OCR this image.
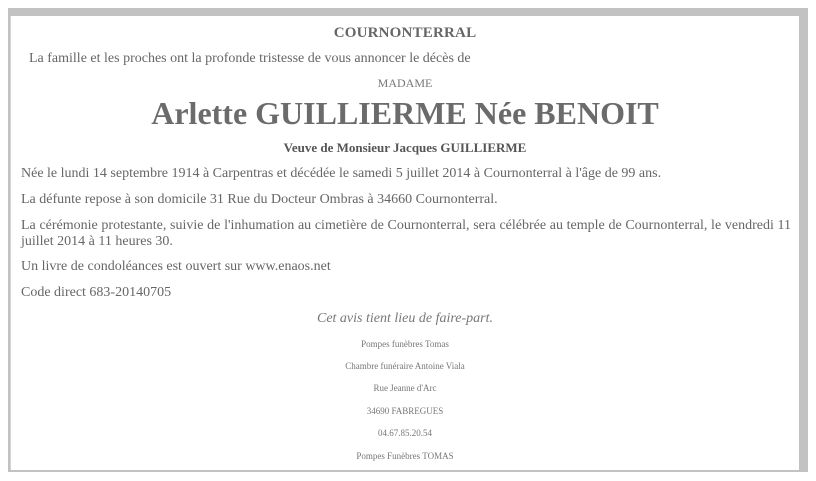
COURNONTERRAL
La famille et les proches ont la profonde tristesse de vous annoncer le décès de
MADAME
Arlette GUILLIERME Née BENOIT
Veuve de Monsieur Jacques GUILLIERME
Née le lundi 14 septembre 1914 à Carpentras et décédée le samedi 5 juillet 2014 à Cournonterral à l'âge de 99 ans.
La défunte repose à son domicile 31 Rue du Docteur Ombras à 34660 Cournonterral.
La cérémonie protestante, suivie de l'inhumation au cimetière de Cournonterral, sera célébrée au temple de Cournonterral, le vendredi 11 juillet 2014 à 11 heures 30.
Un livre de condoléances est ouvert sur www.enaos.net
Code direct 683-20140705
Cet avis tient lieu de faire-part.
Pompes funèbres Tomas
Chambre funéraire Antoine Viala
Rue Jeanne d'Arc
34690 FABREGUES
04.67.85.20.54
Pompes Funèbres TOMAS
